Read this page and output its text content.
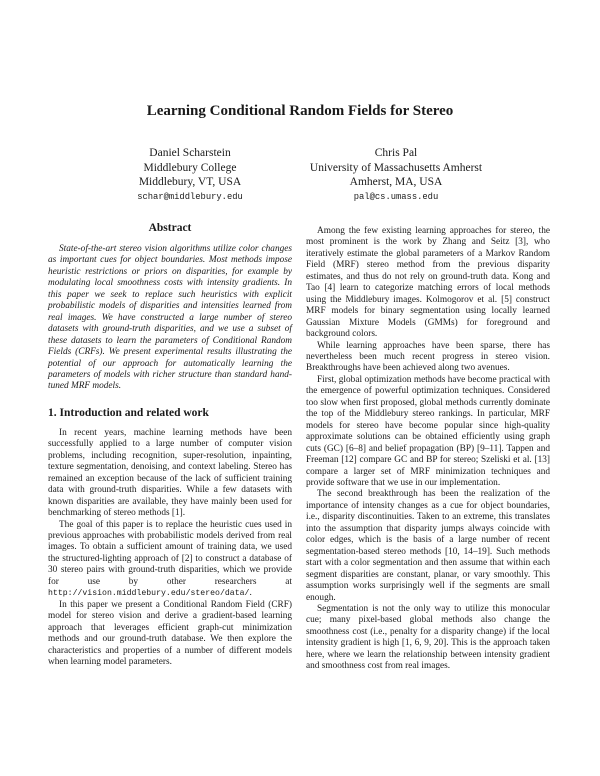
Learning Conditional Random Fields for Stereo
Daniel Scharstein
Middlebury College
Middlebury, VT, USA
schar@middlebury.edu
Chris Pal
University of Massachusetts Amherst
Amherst, MA, USA
pal@cs.umass.edu
Abstract

State-of-the-art stereo vision algorithms utilize color changes as important cues for object boundaries. Most methods impose heuristic restrictions or priors on disparities, for example by modulating local smoothness costs with intensity gradients. In this paper we seek to replace such heuristics with explicit probabilistic models of disparities and intensities learned from real images. We have constructed a large number of stereo datasets with ground-truth disparities, and we use a subset of these datasets to learn the parameters of Conditional Random Fields (CRFs). We present experimental results illustrating the potential of our approach for automatically learning the parameters of models with richer structure than standard hand-tuned MRF models.

1. Introduction and related work

In recent years, machine learning methods have been successfully applied to a large number of computer vision problems, including recognition, super-resolution, inpainting, texture segmentation, denoising, and context labeling. Stereo has remained an exception because of the lack of sufficient training data with ground-truth disparities. While a few datasets with known disparities are available, they have mainly been used for benchmarking of stereo methods [1].

The goal of this paper is to replace the heuristic cues used in previous approaches with probabilistic models derived from real images. To obtain a sufficient amount of training data, we used the structured-lighting approach of [2] to construct a database of 30 stereo pairs with ground-truth disparities, which we provide for use by other researchers at http://vision.middlebury.edu/stereo/data/.

In this paper we present a Conditional Random Field (CRF) model for stereo vision and derive a gradient-based learning approach that leverages efficient graph-cut minimization methods and our ground-truth database. We then explore the characteristics and properties of a number of different models when learning model parameters.

Among the few existing learning approaches for stereo, the most prominent is the work by Zhang and Seitz [3], who iteratively estimate the global parameters of a Markov Random Field (MRF) stereo method from the previous disparity estimates, and thus do not rely on ground-truth data. Kong and Tao [4] learn to categorize matching errors of local methods using the Middlebury images. Kolmogorov et al. [5] construct MRF models for binary segmentation using locally learned Gaussian Mixture Models (GMMs) for foreground and background colors.

While learning approaches have been sparse, there has nevertheless been much recent progress in stereo vision. Breakthroughs have been achieved along two avenues.

First, global optimization methods have become practical with the emergence of powerful optimization techniques. Considered too slow when first proposed, global methods currently dominate the top of the Middlebury stereo rankings. In particular, MRF models for stereo have become popular since high-quality approximate solutions can be obtained efficiently using graph cuts (GC) [6–8] and belief propagation (BP) [9–11]. Tappen and Freeman [12] compare GC and BP for stereo; Szeliski et al. [13] compare a larger set of MRF minimization techniques and provide software that we use in our implementation.

The second breakthrough has been the realization of the importance of intensity changes as a cue for object boundaries, i.e., disparity discontinuities. Taken to an extreme, this translates into the assumption that disparity jumps always coincide with color edges, which is the basis of a large number of recent segmentation-based stereo methods [10, 14–19]. Such methods start with a color segmentation and then assume that within each segment disparities are constant, planar, or vary smoothly. This assumption works surprisingly well if the segments are small enough.

Segmentation is not the only way to utilize this monocular cue; many pixel-based global methods also change the smoothness cost (i.e., penalty for a disparity change) if the local intensity gradient is high [1, 6, 9, 20]. This is the approach taken here, where we learn the relationship between intensity gradient and smoothness cost from real images.
